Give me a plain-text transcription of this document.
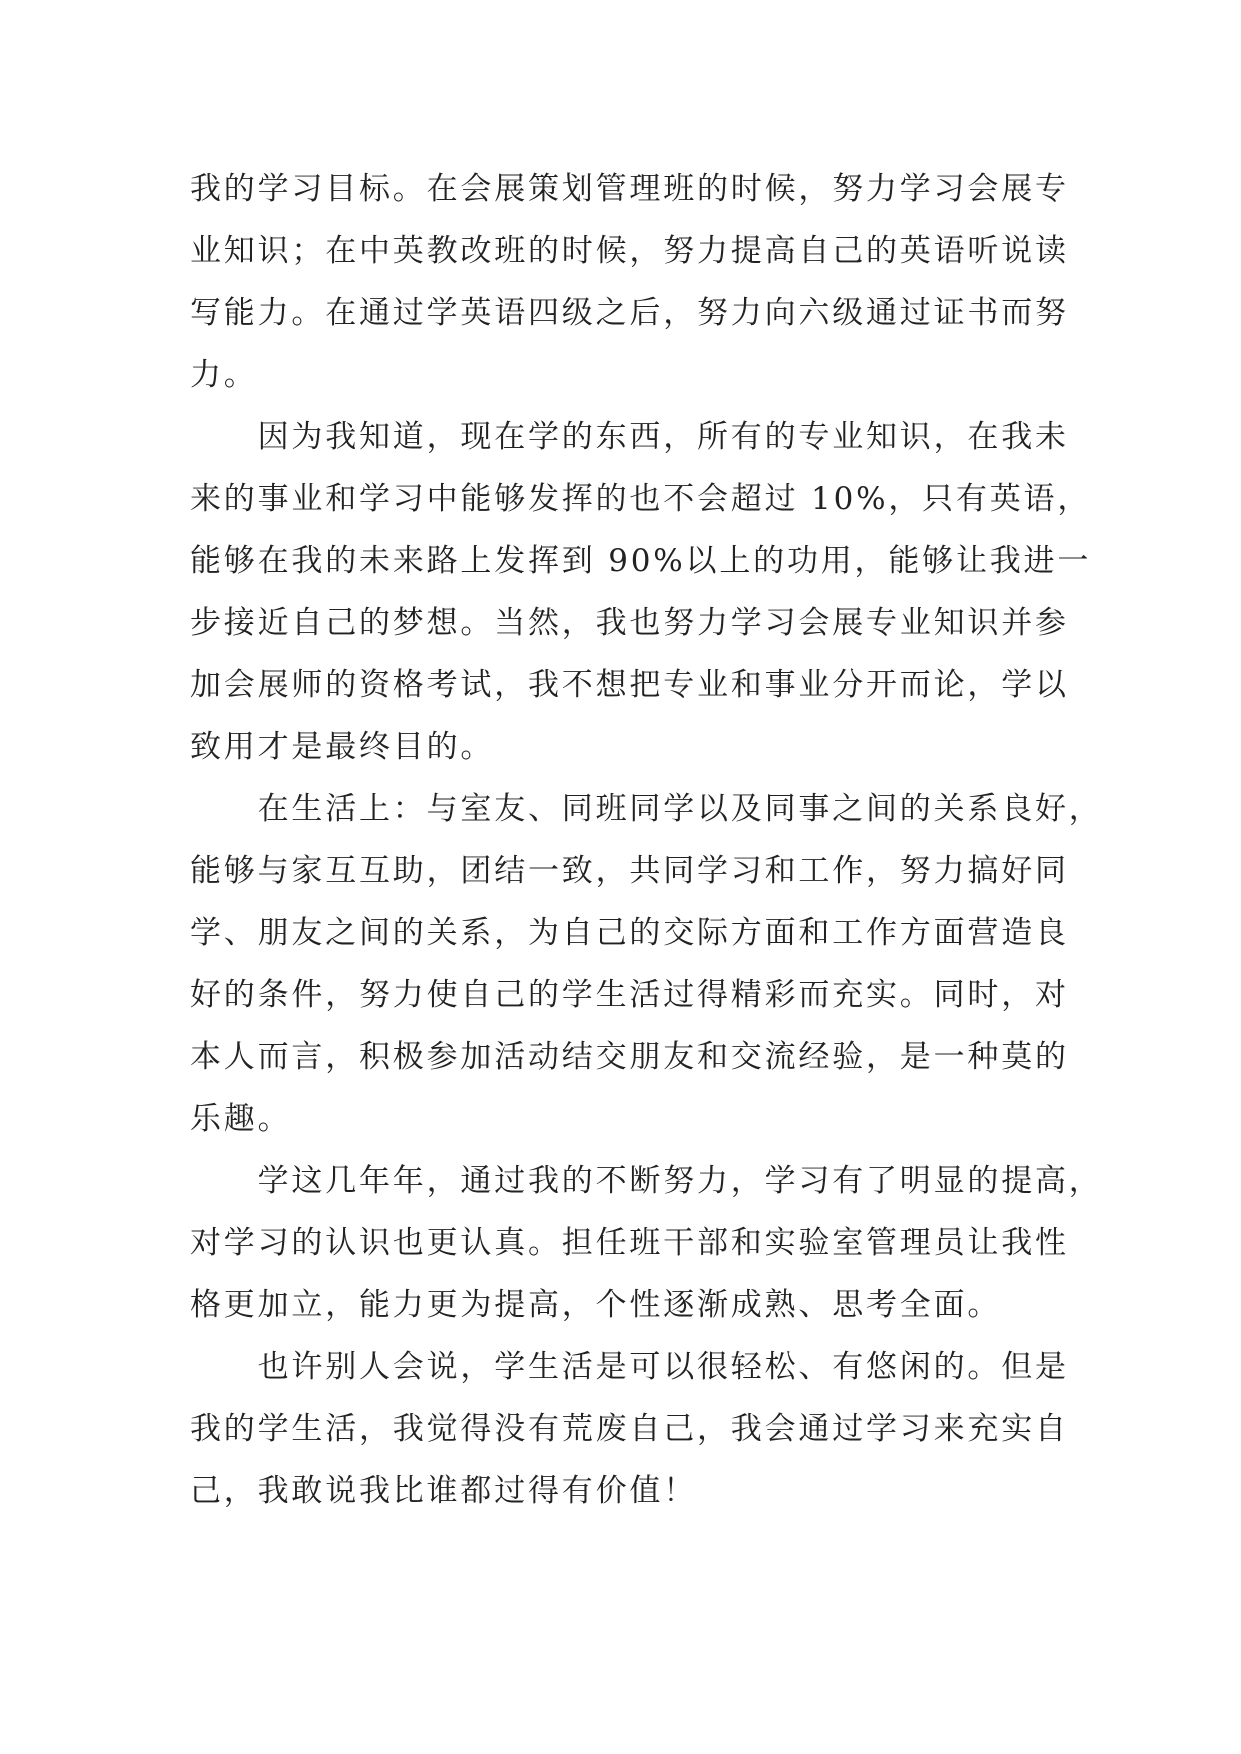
我的学习目标。在会展策划管理班的时候，努力学习会展专
业知识；在中英教改班的时候，努力提高自己的英语听说读
写能力。在通过学英语四级之后，努力向六级通过证书而努
力。
　　因为我知道，现在学的东西，所有的专业知识，在我未
来的事业和学习中能够发挥的也不会超过 10%，只有英语，
能够在我的未来路上发挥到 90%以上的功用，能够让我进一
步接近自己的梦想。当然，我也努力学习会展专业知识并参
加会展师的资格考试，我不想把专业和事业分开而论，学以
致用才是最终目的。
　　在生活上：与室友、同班同学以及同事之间的关系良好，
能够与家互互助，团结一致，共同学习和工作，努力搞好同
学、朋友之间的关系，为自己的交际方面和工作方面营造良
好的条件，努力使自己的学生活过得精彩而充实。同时，对
本人而言，积极参加活动结交朋友和交流经验，是一种莫的
乐趣。
　　学这几年年，通过我的不断努力，学习有了明显的提高，
对学习的认识也更认真。担任班干部和实验室管理员让我性
格更加立，能力更为提高，个性逐渐成熟、思考全面。
　　也许别人会说，学生活是可以很轻松、有悠闲的。但是
我的学生活，我觉得没有荒废自己，我会通过学习来充实自
己，我敢说我比谁都过得有价值！
